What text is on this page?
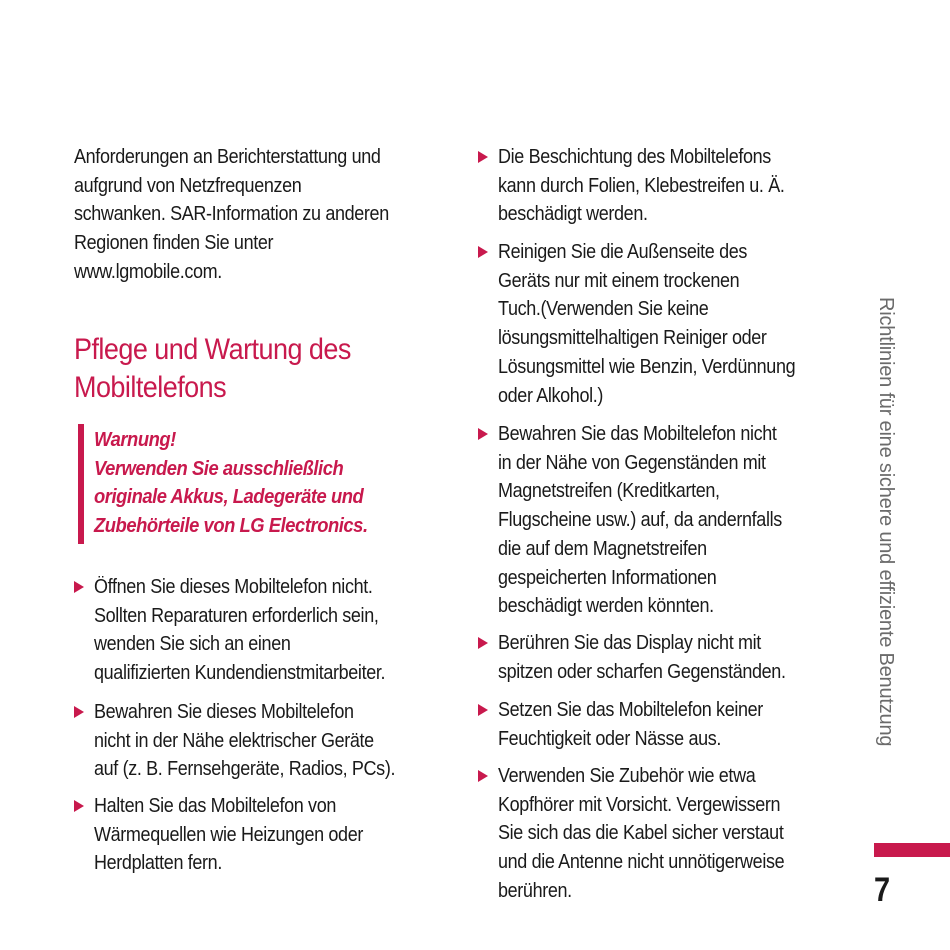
Anforderungen an Berichterstattung und
aufgrund von Netzfrequenzen
schwanken. SAR-Information zu anderen
Regionen finden Sie unter
www.lgmobile.com.
Pflege und Wartung des
Mobiltelefons
Öffnen Sie dieses Mobiltelefon nicht.
Sollten Reparaturen erforderlich sein,
wenden Sie sich an einen
qualifizierten Kundendienstmitarbeiter.
Bewahren Sie dieses Mobiltelefon
nicht in der Nähe elektrischer Geräte
auf (z. B. Fernsehgeräte, Radios, PCs).
Halten Sie das Mobiltelefon von
Wärmequellen wie Heizungen oder
Herdplatten fern.
Warnung!
Verwenden Sie ausschließlich
originale Akkus, Ladegeräte und
Zubehörteile von LG Electronics.
Die Beschichtung des Mobiltelefons
kann durch Folien, Klebestreifen u. Ä.
beschädigt werden.
Reinigen Sie die Außenseite des
Geräts nur mit einem trockenen
Tuch.(Verwenden Sie keine
lösungsmittelhaltigen Reiniger oder
Lösungsmittel wie Benzin, Verdünnung
oder Alkohol.)
Bewahren Sie das Mobiltelefon nicht
in der Nähe von Gegenständen mit
Magnetstreifen (Kreditkarten,
Flugscheine usw.) auf, da andernfalls
die auf dem Magnetstreifen
gespeicherten Informationen
beschädigt werden könnten.
Berühren Sie das Display nicht mit
spitzen oder scharfen Gegenständen.
Setzen Sie das Mobiltelefon keiner
Feuchtigkeit oder Nässe aus.
Verwenden Sie Zubehör wie etwa
Kopfhörer mit Vorsicht. Vergewissern
Sie sich das die Kabel sicher verstaut
und die Antenne nicht unnötigerweise
berühren.
Richtlinien für eine sichere und effiziente Benutzung
7
